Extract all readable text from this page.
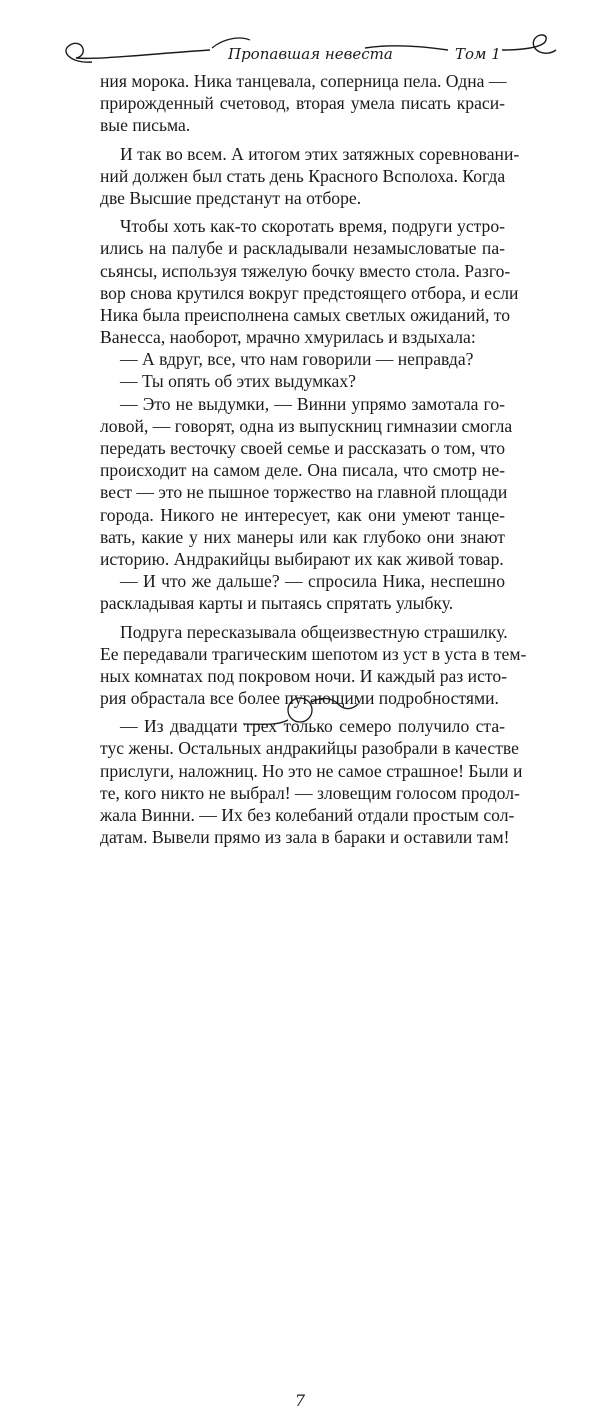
Пропавшая невеста	Том 1
ния морока. Ника танцевала, соперница пела. Одна —
прирожденный счетовод, вторая умела писать краси-
вые письма.
И так во всем. А итогом этих затяжных соревновани-
ний должен был стать день Красного Всполоха. Когда
две Высшие предстанут на отборе.
Чтобы хоть как-то скоротать время, подруги устро-
ились на палубе и раскладывали незамысловатые па-
сьянсы, используя тяжелую бочку вместо стола. Разго-
вор снова крутился вокруг предстоящего отбора, и если
Ника была преисполнена самых светлых ожиданий, то
Ванесса, наоборот, мрачно хмурилась и вздыхала:
— А вдруг, все, что нам говорили — неправда?
— Ты опять об этих выдумках?
— Это не выдумки, — Винни упрямо замотала го-
ловой, — говорят, одна из выпускниц гимназии смогла
передать весточку своей семье и рассказать о том, что
происходит на самом деле. Она писала, что смотр не-
вест — это не пышное торжество на главной площади
города. Никого не интересует, как они умеют танце-
вать, какие у них манеры или как глубоко они знают
историю. Андракийцы выбирают их как живой товар.
— И что же дальше? — спросила Ника, неспешно
раскладывая карты и пытаясь спрятать улыбку.
Подруга пересказывала общеизвестную страшилку.
Ее передавали трагическим шепотом из уст в уста в тем-
ных комнатах под покровом ночи. И каждый раз исто-
рия обрастала все более пугающими подробностями.
— Из двадцати трех только семеро получило ста-
тус жены. Остальных андракийцы разобрали в качестве
прислуги, наложниц. Но это не самое страшное! Были и
те, кого никто не выбрал! — зловещим голосом продол-
жала Винни. — Их без колебаний отдали простым сол-
датам. Вывели прямо из зала в бараки и оставили там!
7
